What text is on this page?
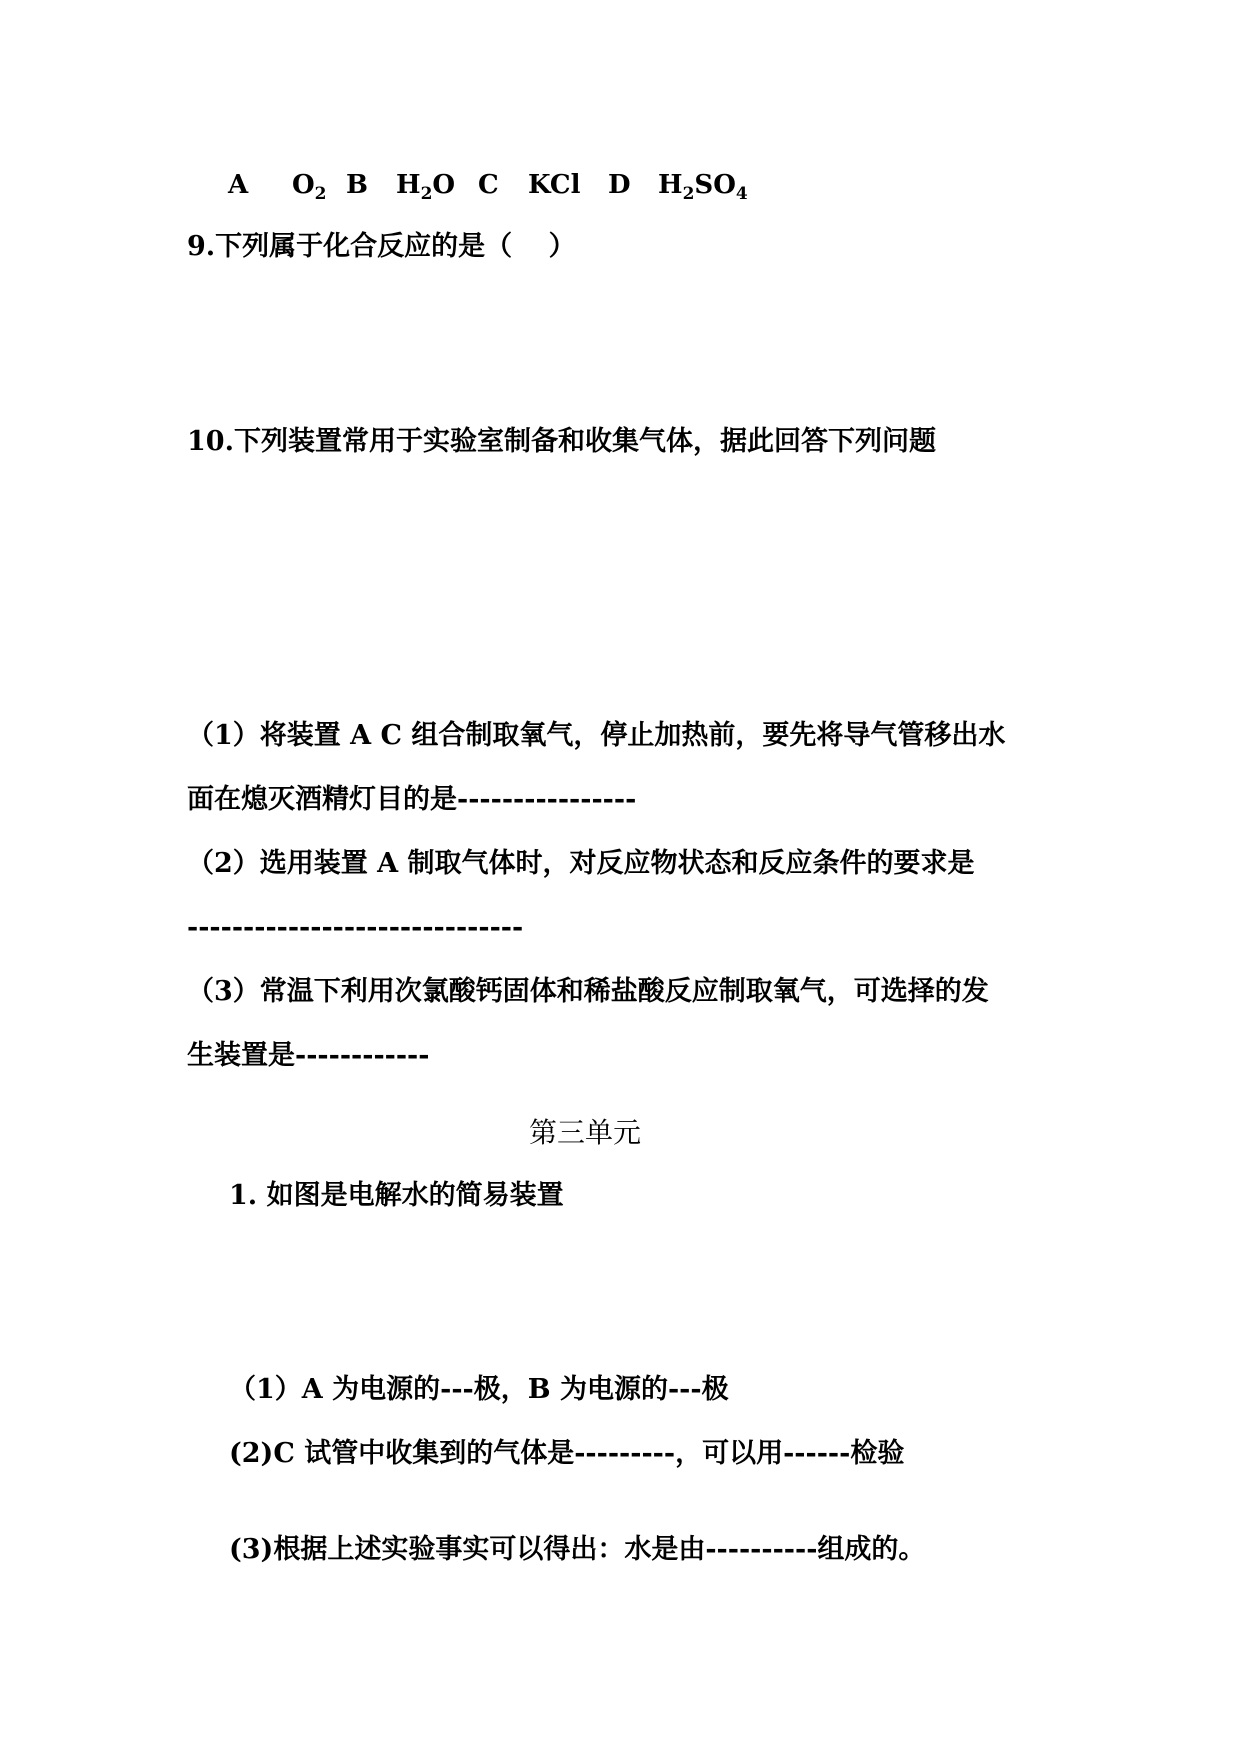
A $O_2$ B $H_2O$ C KCl D $H_2SO_4$
9.下列属于化合反应的是（　 ）
10.下列装置常用于实验室制备和收集气体，据此回答下列问题
（1）将装置 A C 组合制取氧气，停止加热前，要先将导气管移出水
面在熄灭酒精灯目的是----------------
（2）选用装置 A 制取气体时，对反应物状态和反应条件的要求是
------------------------------
（3）常温下利用次氯酸钙固体和稀盐酸反应制取氧气，可选择的发
生装置是------------
第三单元
1. 如图是电解水的简易装置
（1）A 为电源的---极，B 为电源的---极
(2)C 试管中收集到的气体是---------，可以用------检验
(3)根据上述实验事实可以得出：水是由----------组成的。
